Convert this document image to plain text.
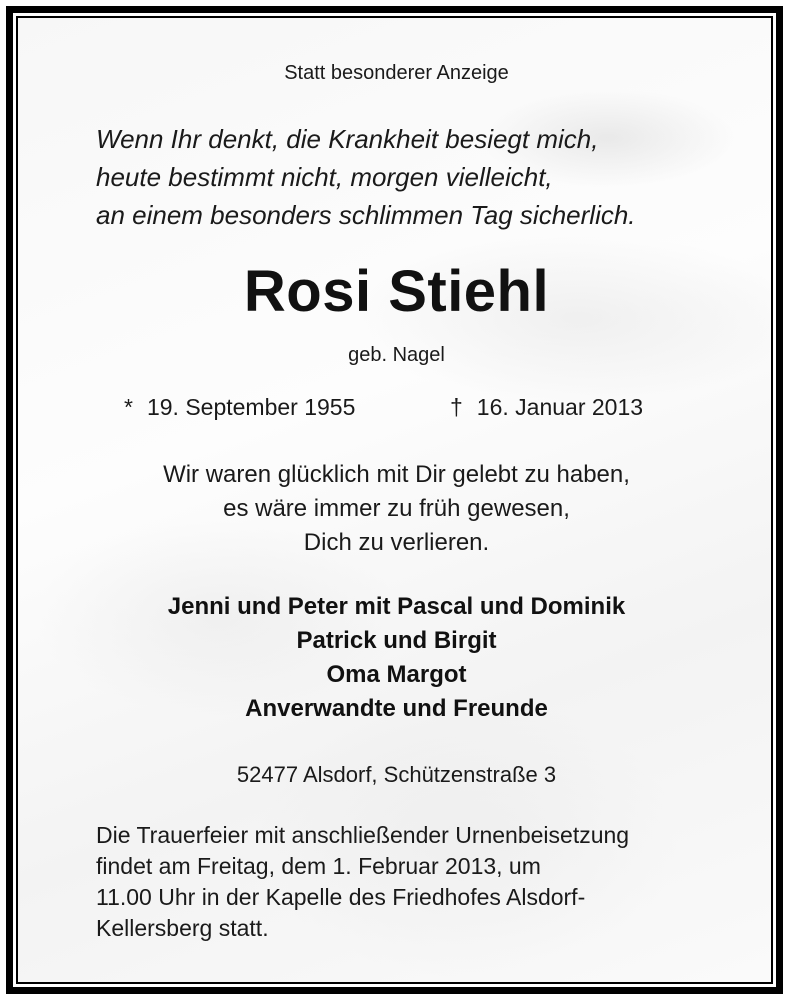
Statt besonderer Anzeige
Wenn Ihr denkt, die Krankheit besiegt mich,
heute bestimmt nicht, morgen vielleicht,
an einem besonders schlimmen Tag sicherlich.
Rosi Stiehl
geb. Nagel
* 19. September 1955	† 16. Januar 2013
Wir waren glücklich mit Dir gelebt zu haben,
es wäre immer zu früh gewesen,
Dich zu verlieren.
Jenni und Peter mit Pascal und Dominik
Patrick und Birgit
Oma Margot
Anverwandte und Freunde
52477 Alsdorf, Schützenstraße 3
Die Trauerfeier mit anschließender Urnenbeisetzung
findet am Freitag, dem 1. Februar 2013, um
11.00 Uhr in der Kapelle des Friedhofes Alsdorf-
Kellersberg statt.
